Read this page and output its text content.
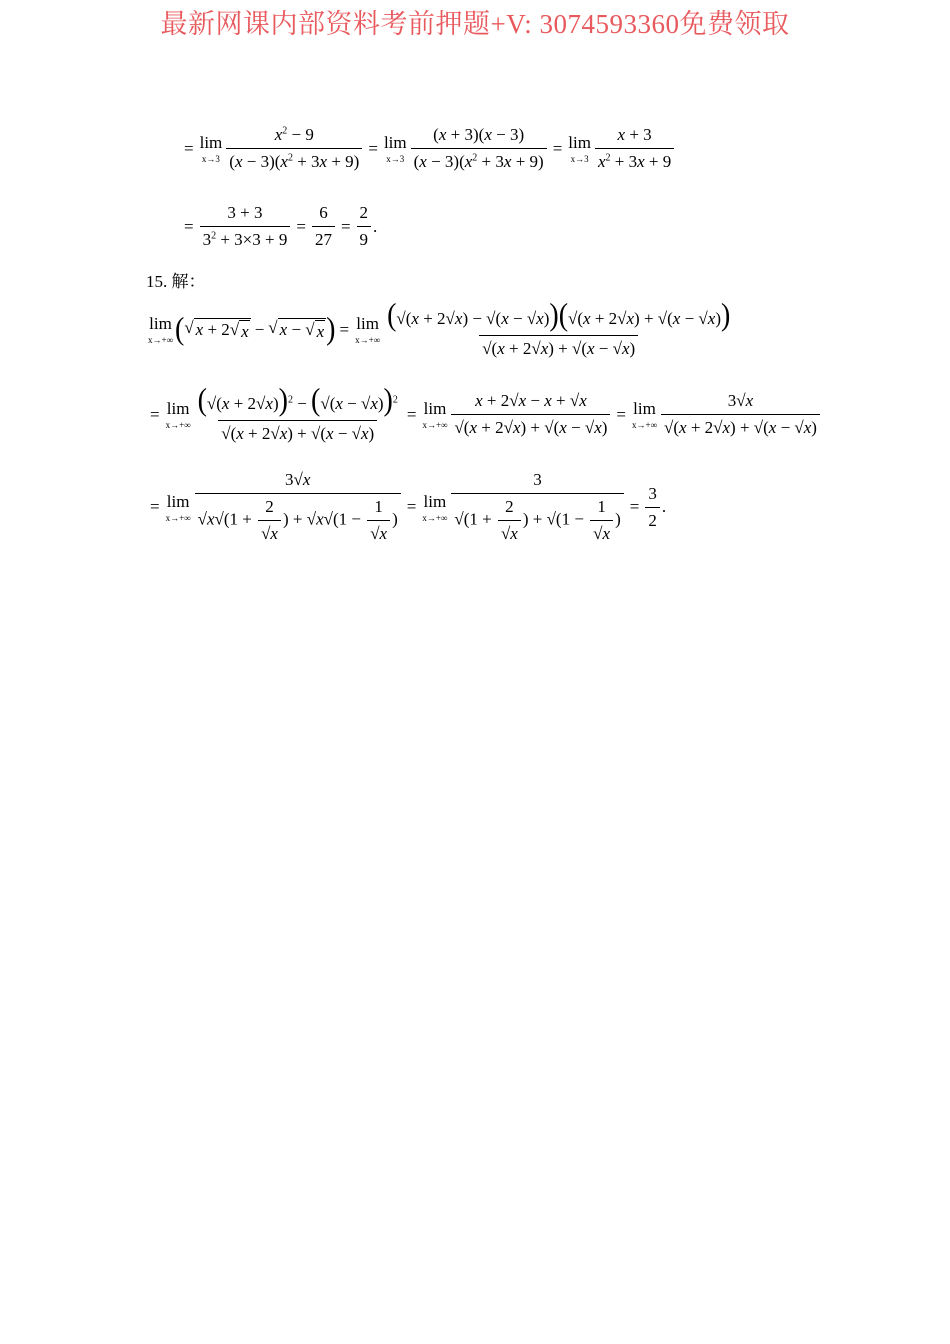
最新网课内部资料考前押题+V: 3074593360免费领取
= lim
$x\to 3 \frac{x^2 - 9}{(x - 3)(x^2 + 3x + 9)} = \lim$
$x\to 3 \frac{(x + 3)(x - 3)}{(x - 3)(x^2 + 3x + 9)} = \lim$
$x\to 3 \frac{x + 3}{x^2 + 3x + 9}$
= $\frac{3 + 3}{3^2 + 3\times 3 + 9} = \frac{6}{27} = \frac{2}{9}$ .
15. 解：
lim
x→+∞ ( √ x + 2 √ x − √ x − √ x ) = lim
$x\to+\infty \frac{(√(x + 2√x) - √(x - √x))(√(x + 2√x) + √(x - √x))}{√(x + 2√x) + √(x - √x)}$
= lim
$x\to+\infty \frac{(√(x + 2√x))^2 - (√(x - √x))^2}{√(x + 2√x) + √(x - √x)} = \lim$
$x\to+\infty \frac{x + 2√x - x + √x}{√(x + 2√x) + √(x - √x)} = \lim$
$x\to+\infty \frac{3√x}{√(x + 2√x) + √(x - √x)}$
= lim
$x\to+\infty \frac{3√x}{√x√(1 + \frac{2}{√x} ) + √x√(1 - \frac{1}{√x} )} = \lim$
$x\to+\infty \frac{3}{√(1 + \frac{2}{√x} ) + √(1 - \frac{1}{√x} )} = \frac{3}{2}$ .
